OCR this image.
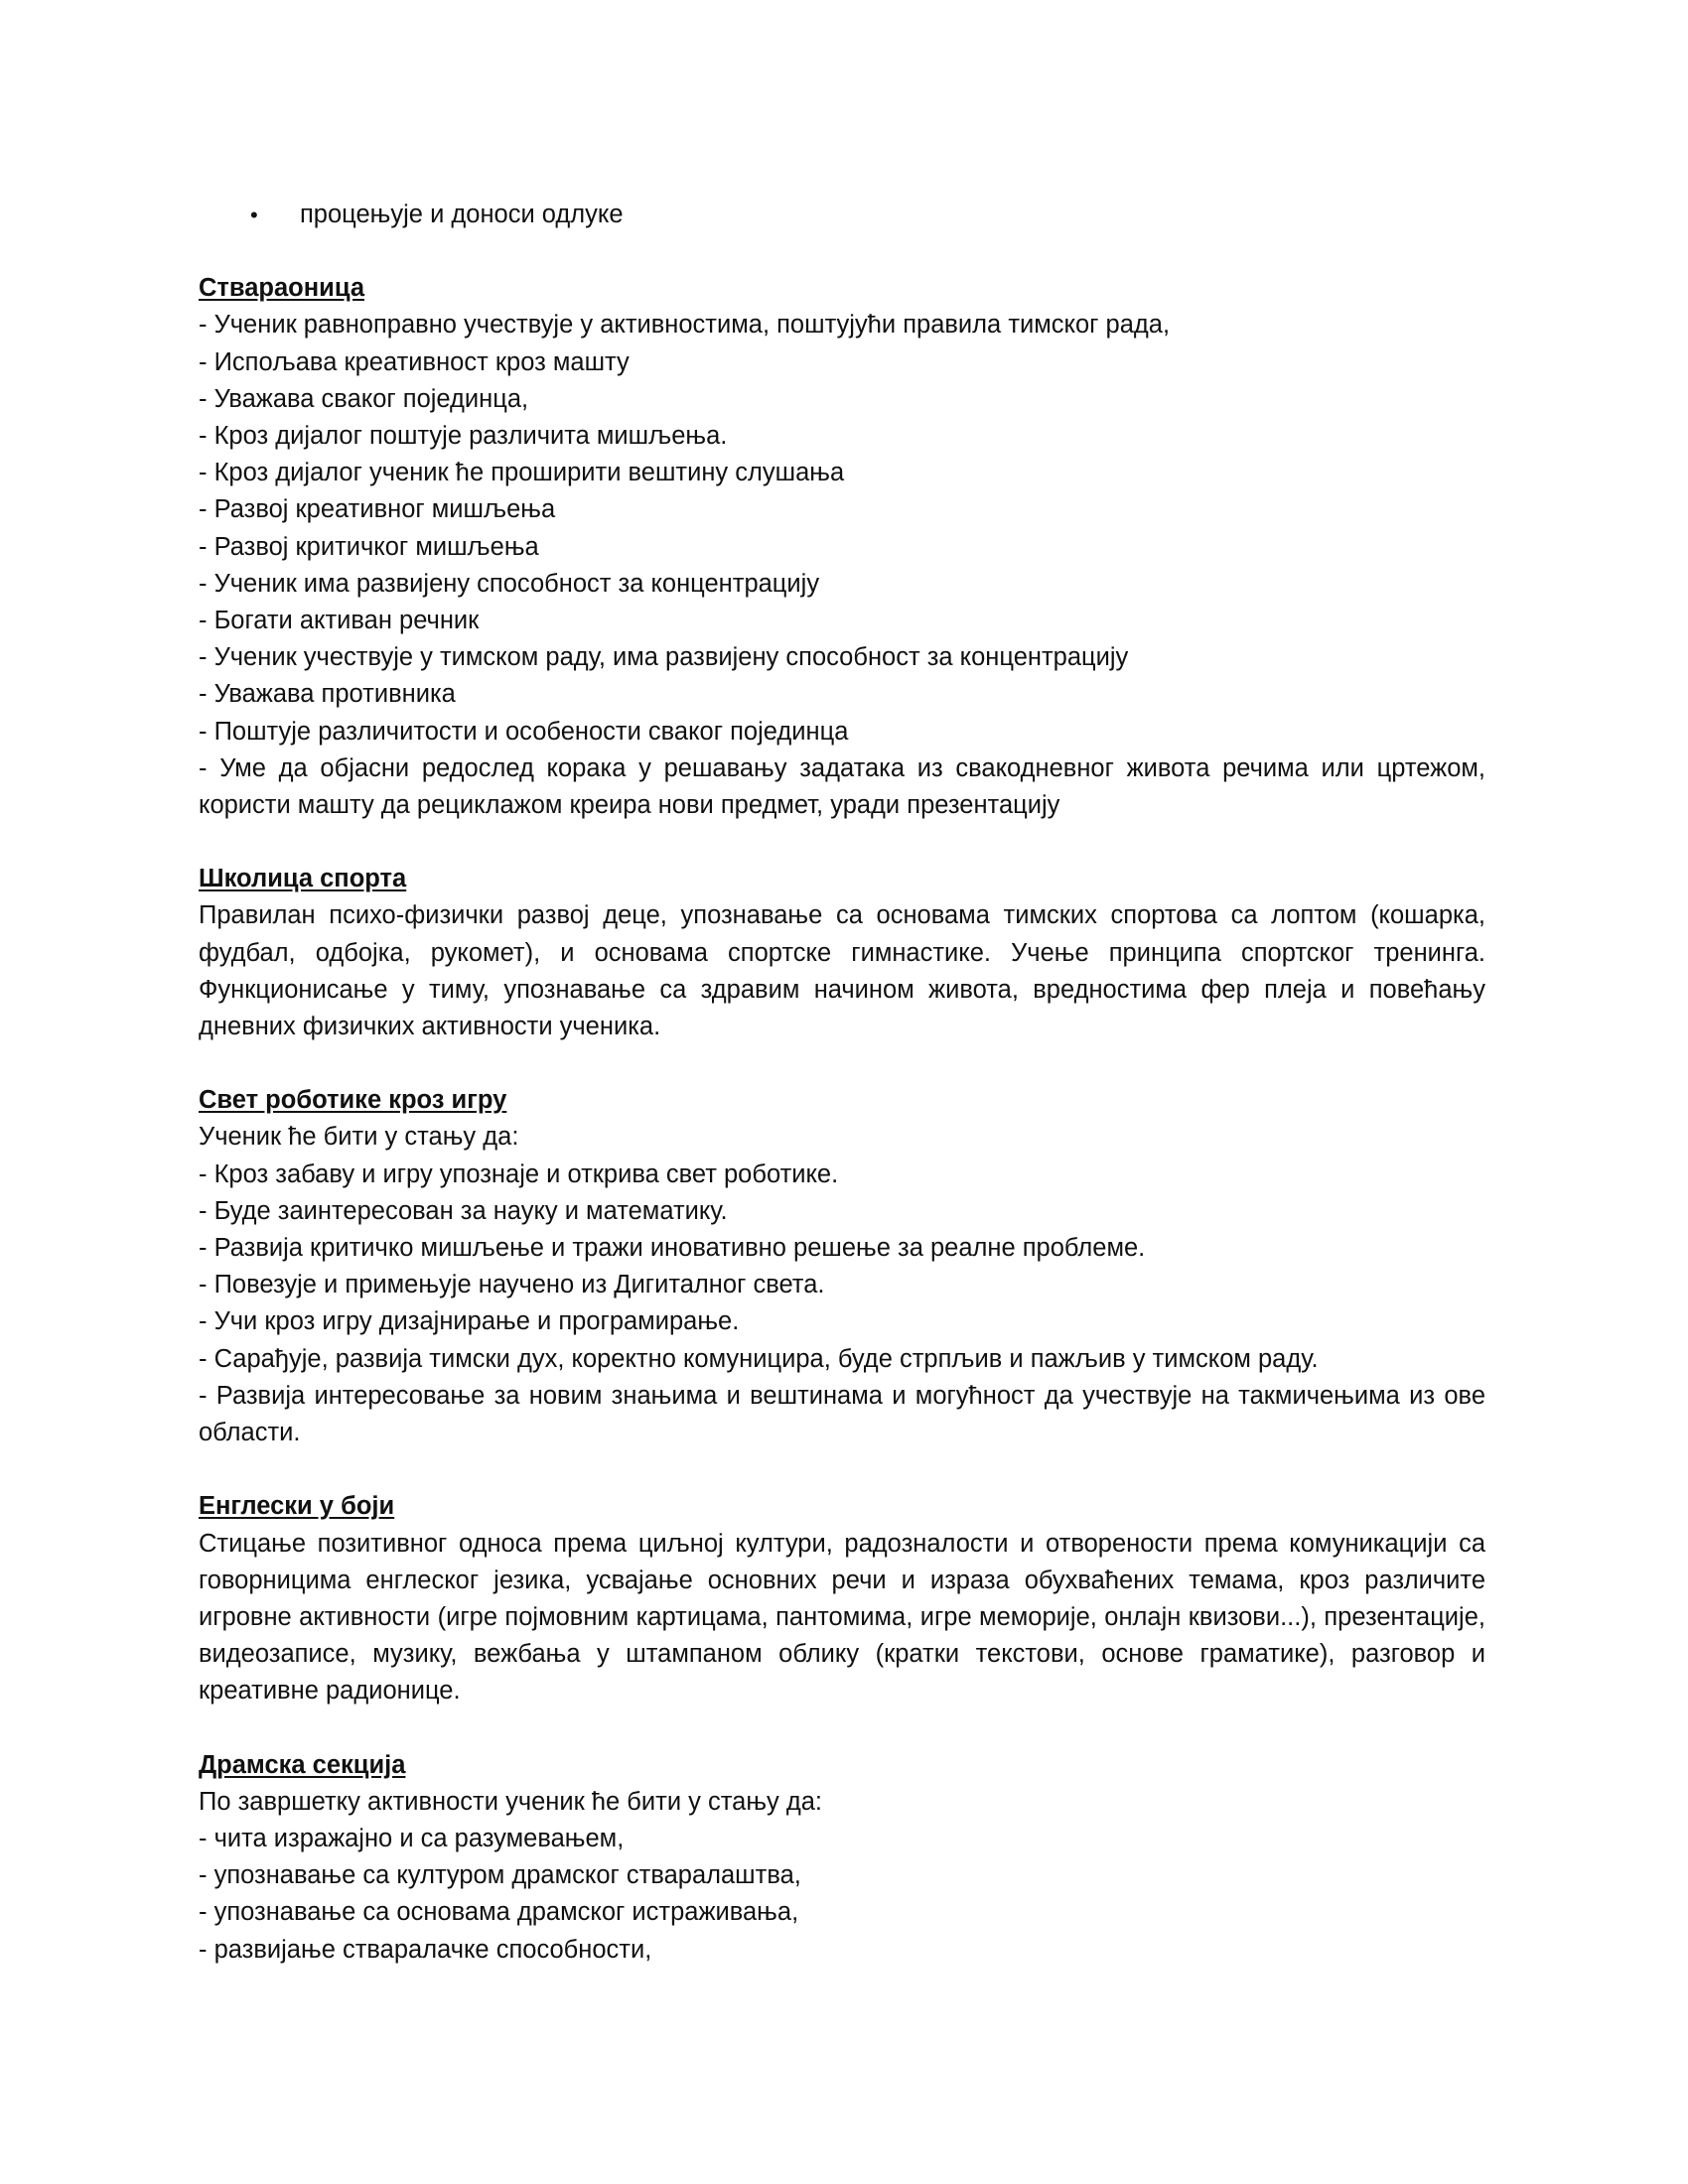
•	процењује и доноси одлуке
Ствараоница
- Ученик равноправно учествује у активностима, поштујући правила тимског рада,
- Испољава креативност кроз машту
- Уважава сваког појединца,
- Кроз дијалог поштује различита мишљења.
- Кроз дијалог ученик ће проширити вештину слушања
- Развој креативног мишљења
- Развој критичког мишљења
- Ученик има развијену способност за концентрацију
- Богати активан речник
- Ученик учествује у тимском раду, има развијену способност за концентрацију
- Уважава противника
- Поштује различитости и особености сваког појединца
- Уме да објасни редослед корака у решавању задатака из свакодневног живота речима или цртежом, користи машту да рециклажом креира нови предмет, уради презентацију
Школица спорта
Правилан психо-физички развој деце, упознавање са основама тимских спортова са лоптом (кошарка, фудбал, одбојка, рукомет), и основама спортске гимнастике. Учење принципа спортског тренинга. Функционисање у тиму, упознавање са здравим начином живота, вредностима фер плеја и повећању дневних физичких активности ученика.
Свет роботике кроз игру
Ученик ће бити у стању да:
- Кроз забаву и игру упознаје и открива свет роботике.
- Буде заинтересован за науку и математику.
- Развија критичко мишљење и тражи иновативно решење за реалне проблеме.
- Повезује и примењује научено из Дигиталног света.
- Учи кроз игру дизајнирање и програмирање.
- Сарађује, развија тимски дух, коректно комуницира, буде стрпљив и пажљив у тимском раду.
- Развија интересовање за новим знањима и вештинама и могућност да учествује на такмичењима из ове области.
Енглески у боји
Стицање позитивног односа према циљној култури, радозналости и отворености према комуникацији са говорницима енглеског језика, усвајање основних речи и израза обухваћених темама, кроз различите игровне активности (игре појмовним картицама, пантомима, игре меморије, онлајн квизови...), презентације, видеозаписе, музику, вежбања у штампаном облику (кратки текстови, основе граматике), разговор и креативне радионице.
Драмска секција
По завршетку активности ученик ће бити у стању да:
- чита изражајно и са разумевањем,
- упознавање са културом драмског стваралаштва,
- упознавање са основама драмског истраживања,
- развијање стваралачке способности,
